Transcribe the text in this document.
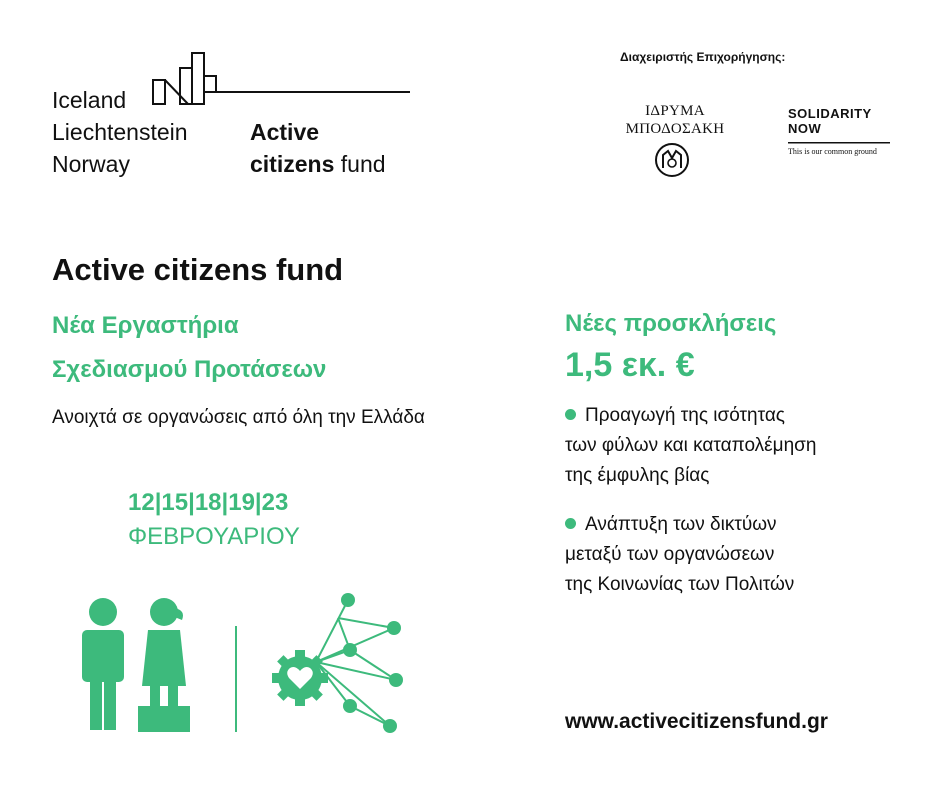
Iceland
Liechtenstein
Norway
Active
citizens fund
Διαχειριστής Επιχορήγησης:
ΙΔΡΥΜΑ
ΜΠΟΔΟΣΑΚΗ
SOLIDARITY
NOW
This is our common ground
Active citizens fund
Νέα Εργαστήρια
Σχεδιασμού Προτάσεων
Ανοιχτά σε οργανώσεις από όλη την Ελλάδα
12|15|18|19|23
ΦΕΒΡΟΥΑΡΙΟΥ
Νέες προσκλήσεις
1,5 εκ. €
Προαγωγή της ισότητας
των φύλων και καταπολέμηση
της έμφυλης βίας
Ανάπτυξη των δικτύων
μεταξύ των οργανώσεων
της Κοινωνίας των Πολιτών
www.activecitizensfund.gr
